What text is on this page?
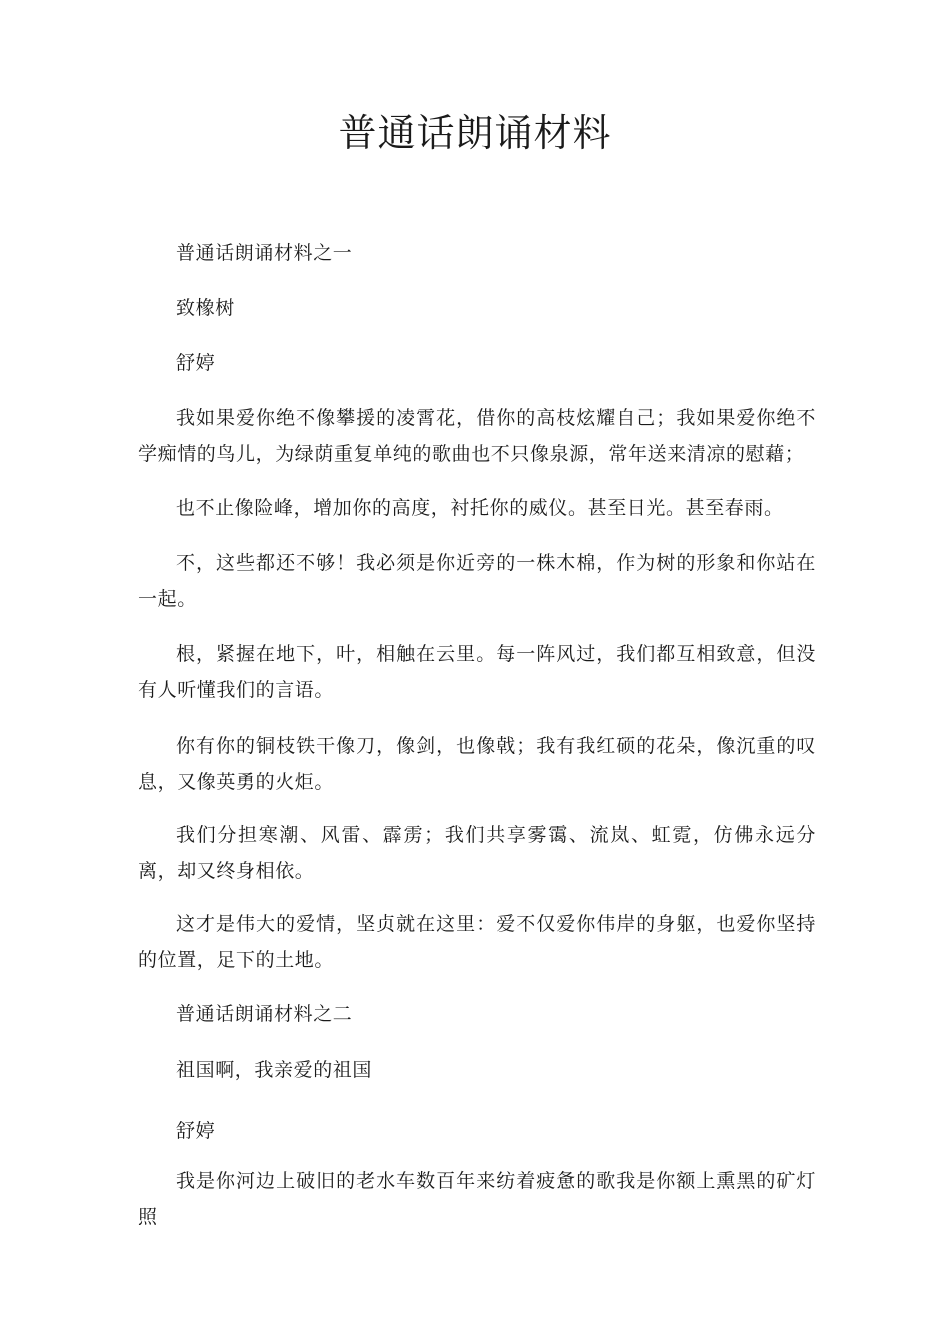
普通话朗诵材料

普通话朗诵材料之一

致橡树

舒婷

我如果爱你绝不像攀援的凌霄花，借你的高枝炫耀自己；我如果爱你绝不学痴情的鸟儿，为绿荫重复单纯的歌曲也不只像泉源，常年送来清凉的慰藉；

也不止像险峰，增加你的高度，衬托你的威仪。甚至日光。甚至春雨。

不，这些都还不够！我必须是你近旁的一株木棉，作为树的形象和你站在一起。

根，紧握在地下，叶，相触在云里。每一阵风过，我们都互相致意，但没有人听懂我们的言语。

你有你的铜枝铁干像刀，像剑，也像戟；我有我红硕的花朵，像沉重的叹息，又像英勇的火炬。

我们分担寒潮、风雷、霹雳；我们共享雾霭、流岚、虹霓，仿佛永远分离，却又终身相依。

这才是伟大的爱情，坚贞就在这里：爱不仅爱你伟岸的身躯，也爱你坚持的位置，足下的土地。

普通话朗诵材料之二

祖国啊，我亲爱的祖国

舒婷

我是你河边上破旧的老水车数百年来纺着疲惫的歌我是你额上熏黑的矿灯照
